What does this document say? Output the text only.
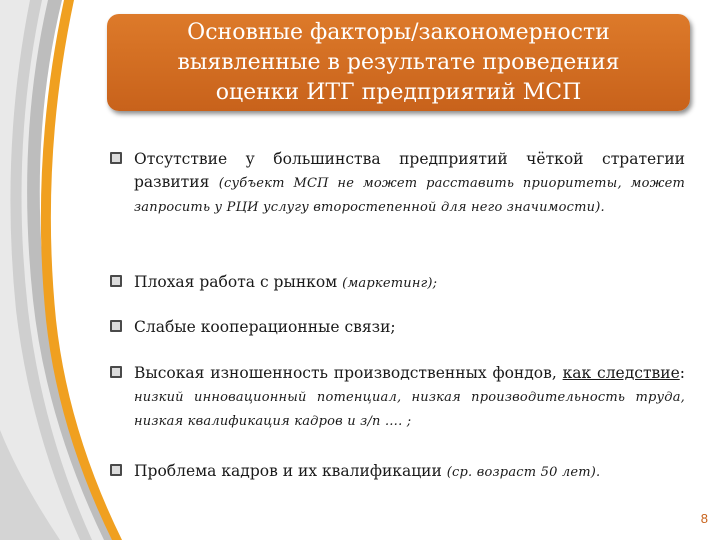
Основные факторы/закономерности
выявленные в результате проведения
оценки ИТГ предприятий МСП
Отсутствие у большинства предприятий чёткой стратегии развития (субъект МСП не может расставить приоритеты, может запросить у РЦИ услугу второстепенной для него значимости).
Плохая работа с рынком (маркетинг);
Слабые кооперационные связи;
Высокая изношенность производственных фондов, как следствие: низкий инновационный потенциал, низкая производительность труда, низкая квалификация кадров и з/п …. ;
Проблема кадров и их квалификации (ср. возраст 50 лет).
8
